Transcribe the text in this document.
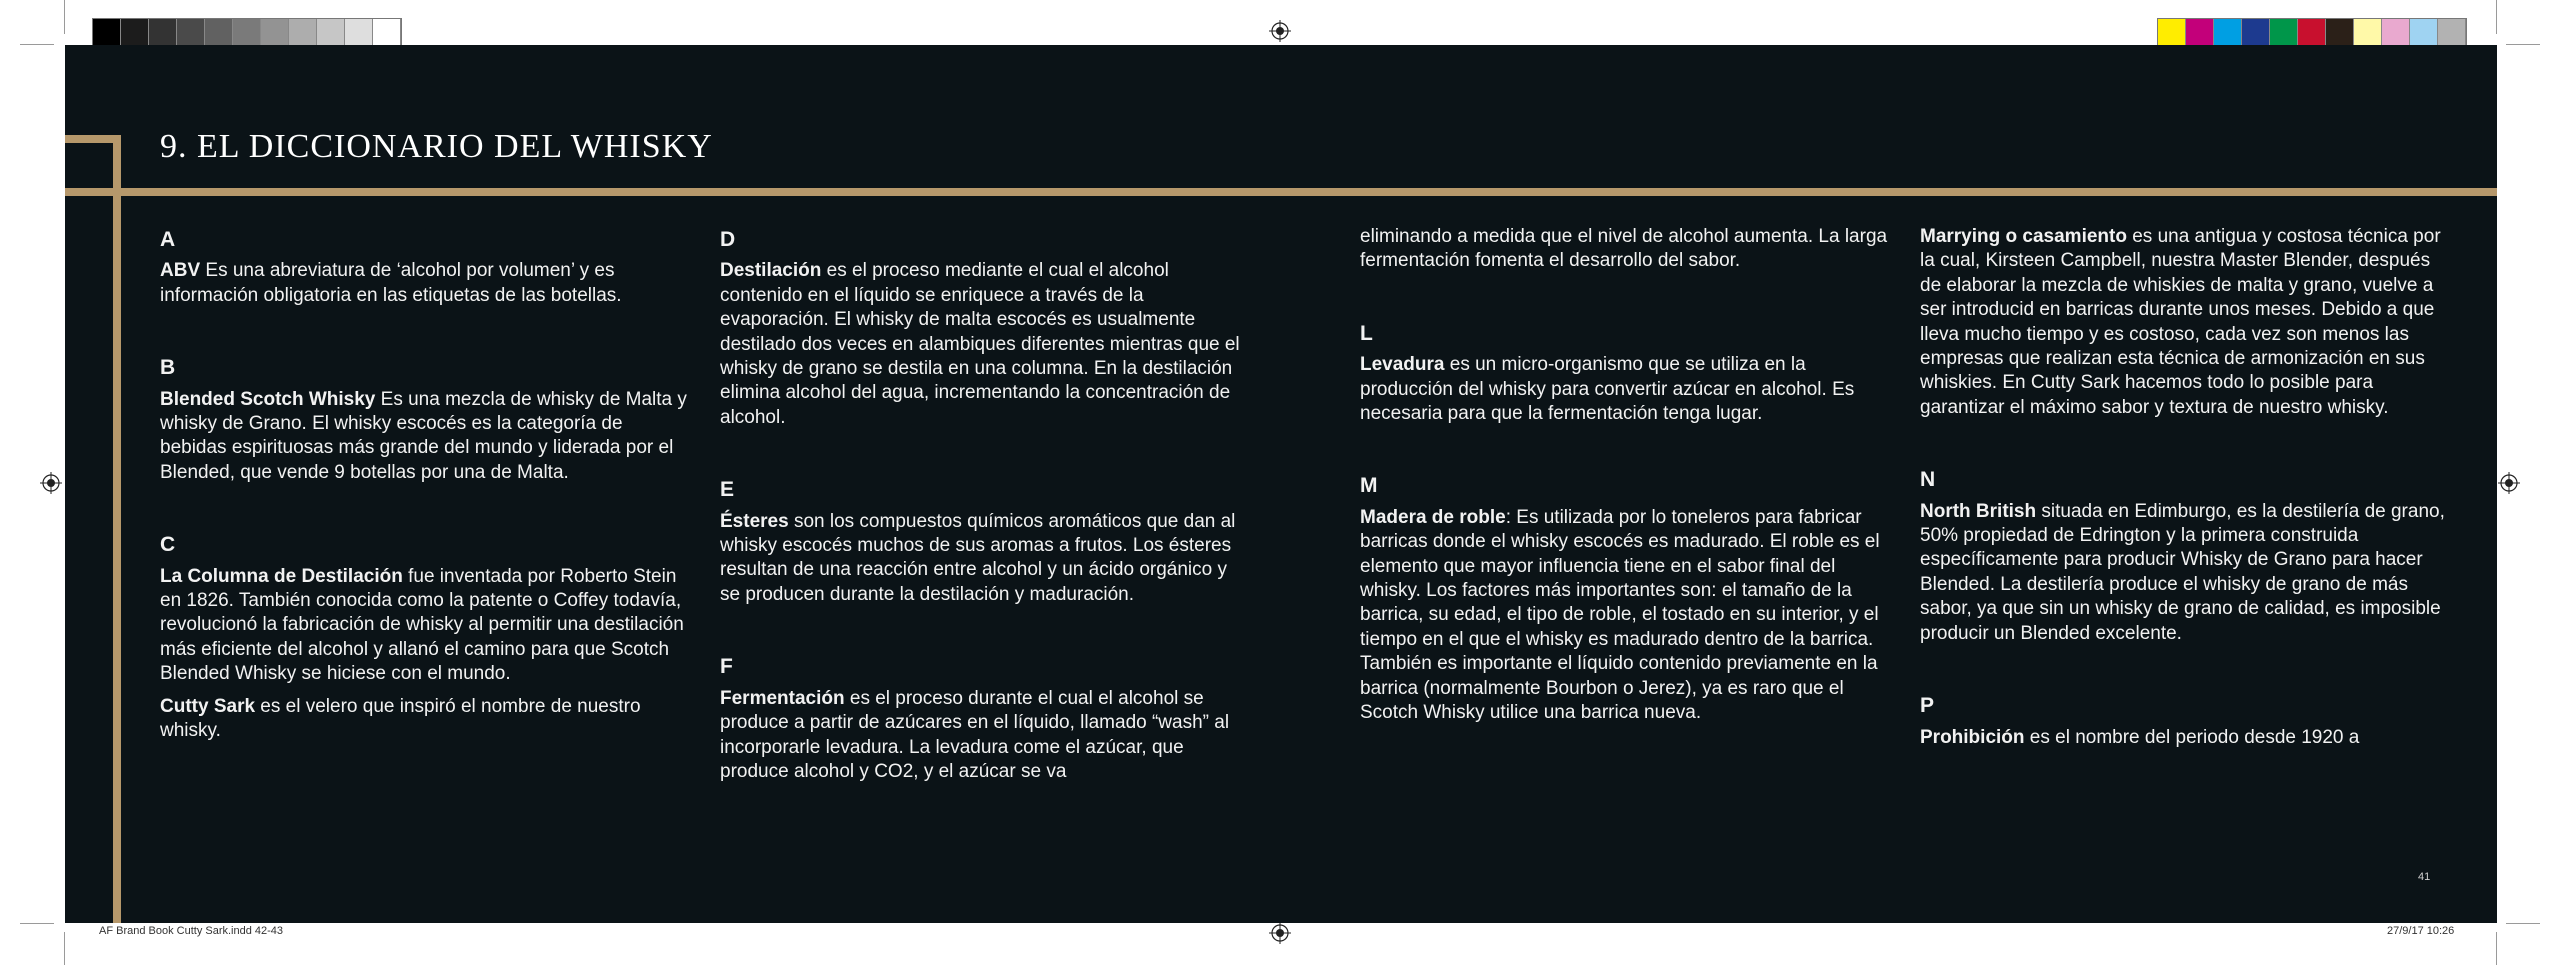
9. EL DICCIONARIO DEL WHISKY
A

ABV Es una abreviatura de ‘alcohol por volumen’ y es información obligatoria en las etiquetas de las botellas.

B

Blended Scotch Whisky Es una mezcla de whisky de Malta y whisky de Grano. El whisky escocés es la categoría de bebidas espirituosas más grande del mundo y liderada por el Blended, que vende 9 botellas por una de Malta.

C

La Columna de Destilación fue inventada por Roberto Stein en 1826. También conocida como la patente o Coffey todavía, revolucionó la fabricación de whisky al permitir una destilación más eficiente del alcohol y allanó el camino para que Scotch Blended Whisky se hiciese con el mundo.

Cutty Sark es el velero que inspiró el nombre de nuestro whisky.

D

Destilación es el proceso mediante el cual el alcohol contenido en el líquido se enriquece a través de la evaporación. El whisky de malta escocés es usualmente destilado dos veces en alambiques diferentes mientras que el whisky de grano se destila en una columna. En la destilación elimina alcohol del agua, incrementando la concentración de alcohol.

E

Ésteres son los compuestos químicos aromáticos que dan al whisky escocés muchos de sus aromas a frutos. Los ésteres resultan de una reacción entre alcohol y un ácido orgánico y se producen durante la destilación y maduración.

F

Fermentación es el proceso durante el cual el alcohol se produce a partir de azúcares en el líquido, llamado “wash” al incorporarle levadura. La levadura come el azúcar, que produce alcohol y CO2, y el azúcar se va

eliminando a medida que el nivel de alcohol aumenta. La larga fermentación fomenta el desarrollo del sabor.

L

Levadura es un micro-organismo que se utiliza en la producción del whisky para convertir azúcar en alcohol. Es necesaria para que la fermentación tenga lugar.

M

Madera de roble: Es utilizada por lo toneleros para fabricar barricas donde el whisky escocés es madurado. El roble es el elemento que mayor influencia tiene en el sabor final del whisky. Los factores más importantes son: el tamaño de la barrica, su edad, el tipo de roble, el tostado en su interior, y el tiempo en el que el whisky es madurado dentro de la barrica. También es importante el líquido contenido previamente en la barrica (normalmente Bourbon o Jerez), ya es raro que el Scotch Whisky utilice una barrica nueva.

Marrying o casamiento es una antigua y costosa técnica por la cual, Kirsteen Campbell, nuestra Master Blender, después de elaborar la mezcla de whiskies de malta y grano, vuelve a ser introducid en barricas durante unos meses. Debido a que lleva mucho tiempo y es costoso, cada vez son menos las empresas que realizan esta técnica de armonización en sus whiskies. En Cutty Sark hacemos todo lo posible para garantizar el máximo sabor y textura de nuestro whisky.

N

North British situada en Edimburgo, es la destilería de grano, 50% propiedad de Edrington y la primera construida específicamente para producir Whisky de Grano para hacer Blended. La destilería produce el whisky de grano de más sabor, ya que sin un whisky de grano de calidad, es imposible producir un Blended excelente.

P

Prohibición es el nombre del periodo desde 1920 a

41
AF Brand Book Cutty Sark.indd 42-43	27/9/17 10:26
